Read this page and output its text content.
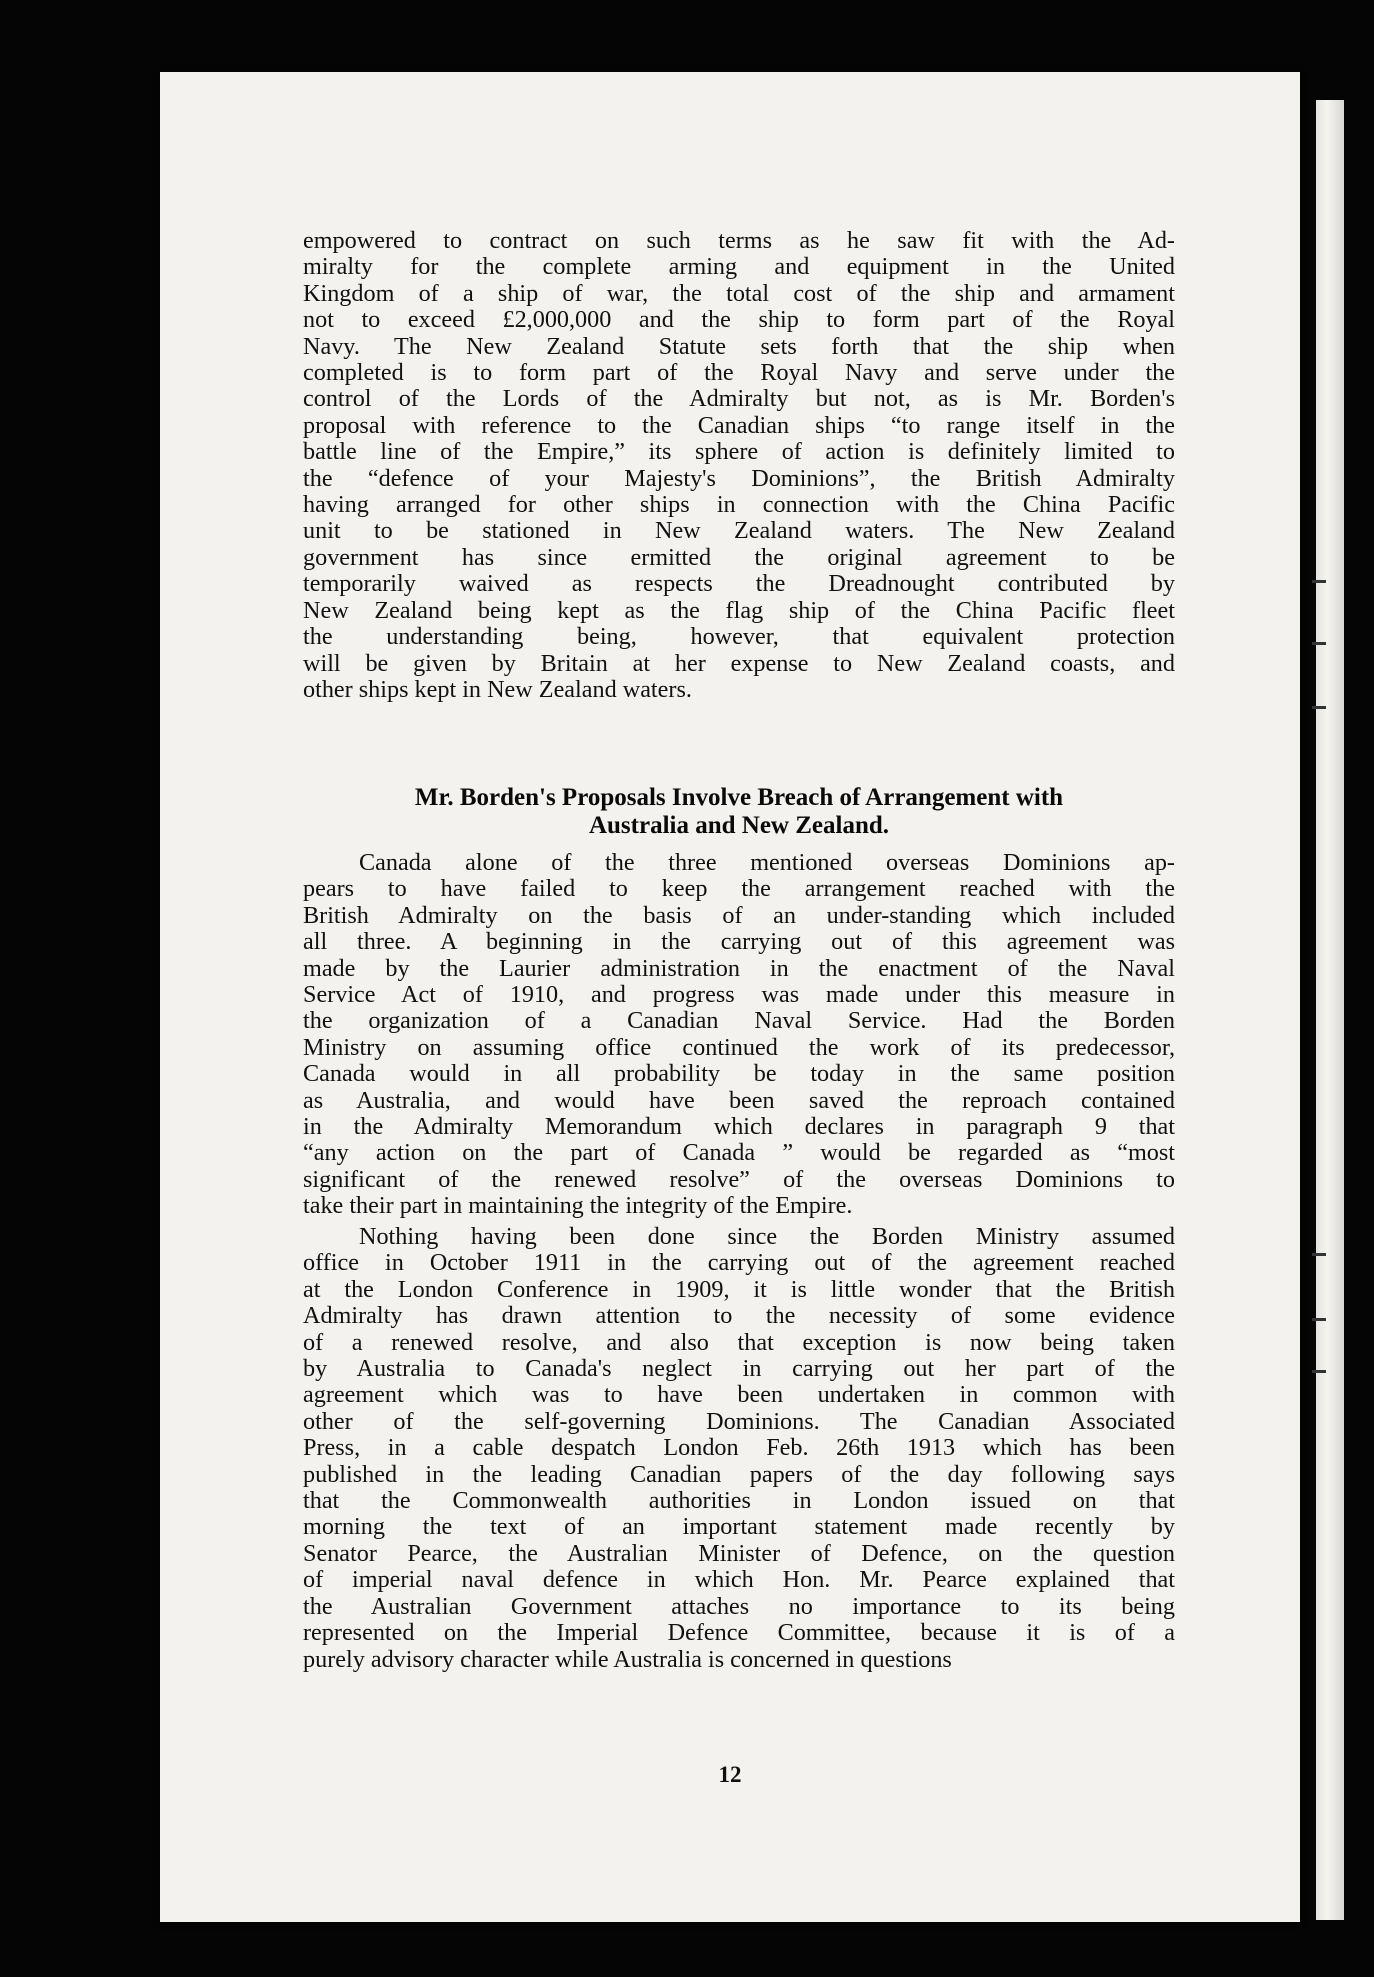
empowered to contract on such terms as he saw fit with the Ad-
miralty for the complete arming and equipment in the United
Kingdom of a ship of war, the total cost of the ship and armament
not to exceed £2,000,000 and the ship to form part of the Royal
Navy. The New Zealand Statute sets forth that the ship when
completed is to form part of the Royal Navy and serve under the
control of the Lords of the Admiralty but not, as is Mr. Borden's
proposal with reference to the Canadian ships “to range itself in the
battle line of the Empire,” its sphere of action is definitely limited to
the “defence of your Majesty's Dominions”, the British Admiralty
having arranged for other ships in connection with the China Pacific
unit to be stationed in New Zealand waters. The New Zealand
government has since ermitted the original agreement to be
temporarily waived as respects the Dreadnought contributed by
New Zealand being kept as the flag ship of the China Pacific fleet
the understanding being, however, that equivalent protection
will be given by Britain at her expense to New Zealand coasts, and
other ships kept in New Zealand waters.
Mr. Borden's Proposals Involve Breach of Arrangement with
Australia and New Zealand.
Canada alone of the three mentioned overseas Dominions ap-
pears to have failed to keep the arrangement reached with the
British Admiralty on the basis of an under-standing which included
all three. A beginning in the carrying out of this agreement was
made by the Laurier administration in the enactment of the Naval
Service Act of 1910, and progress was made under this measure in
the organization of a Canadian Naval Service. Had the Borden
Ministry on assuming office continued the work of its predecessor,
Canada would in all probability be today in the same position
as Australia, and would have been saved the reproach contained
in the Admiralty Memorandum which declares in paragraph 9 that
“any action on the part of Canada ” would be regarded as “most
significant of the renewed resolve” of the overseas Dominions to
take their part in maintaining the integrity of the Empire.
Nothing having been done since the Borden Ministry assumed
office in October 1911 in the carrying out of the agreement reached
at the London Conference in 1909, it is little wonder that the British
Admiralty has drawn attention to the necessity of some evidence
of a renewed resolve, and also that exception is now being taken
by Australia to Canada's neglect in carrying out her part of the
agreement which was to have been undertaken in common with
other of the self-governing Dominions. The Canadian Associated
Press, in a cable despatch London Feb. 26th 1913 which has been
published in the leading Canadian papers of the day following says
that the Commonwealth authorities in London issued on that
morning the text of an important statement made recently by
Senator Pearce, the Australian Minister of Defence, on the question
of imperial naval defence in which Hon. Mr. Pearce explained that
the Australian Government attaches no importance to its being
represented on the Imperial Defence Committee, because it is of a
purely advisory character while Australia is concerned in questions
12
